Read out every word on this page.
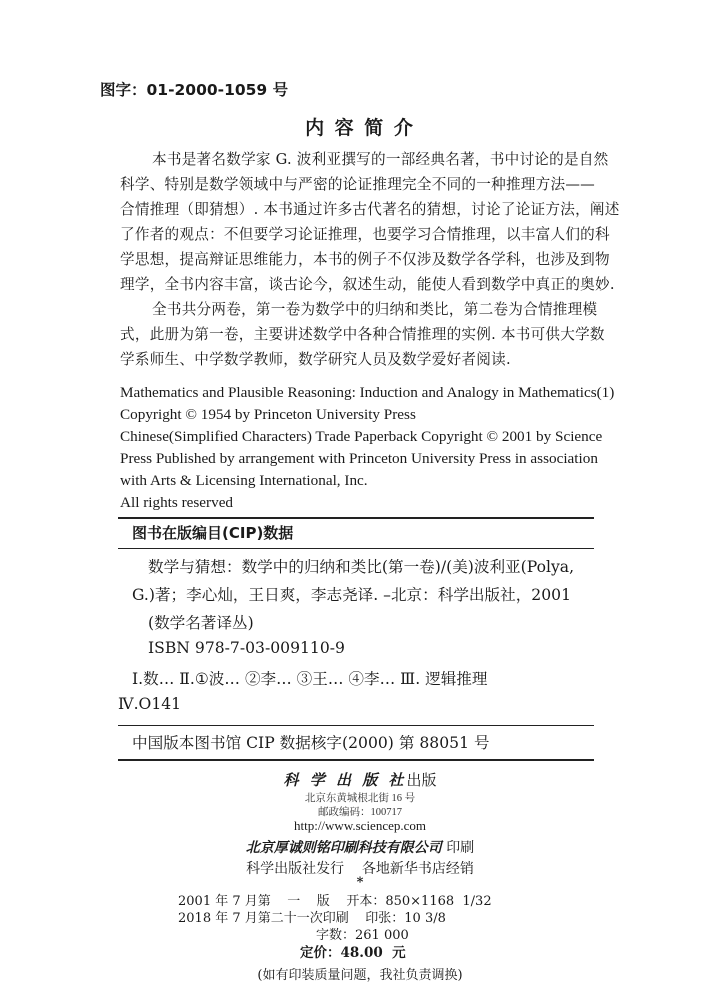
图字：01-2000-1059 号
内 容 简 介
本书是著名数学家 G. 波利亚撰写的一部经典名著，书中讨论的是自然
科学、特别是数学领域中与严密的论证推理完全不同的一种推理方法——
合情推理（即猜想）. 本书通过许多古代著名的猜想，讨论了论证方法，阐述
了作者的观点：不但要学习论证推理，也要学习合情推理，以丰富人们的科
学思想，提高辩证思维能力，本书的例子不仅涉及数学各学科，也涉及到物
理学，全书内容丰富，谈古论今，叙述生动，能使人看到数学中真正的奥妙.
全书共分两卷，第一卷为数学中的归纳和类比，第二卷为合情推理模
式，此册为第一卷，主要讲述数学中各种合情推理的实例. 本书可供大学数
学系师生、中学数学教师，数学研究人员及数学爱好者阅读.
Mathematics and Plausible Reasoning: Induction and Analogy in Mathematics(1)
Copyright © 1954 by Princeton University Press
Chinese(Simplified Characters) Trade Paperback Copyright © 2001 by Science
Press Published by arrangement with Princeton University Press in association
with Arts & Licensing International, Inc.
All rights reserved
图书在版编目(CIP)数据
数学与猜想：数学中的归纳和类比(第一卷)/(美)波利亚(Polya,
G.)著；李心灿，王日爽，李志尧译. –北京：科学出版社，2001
(数学名著译丛)
ISBN 978-7-03-009110-9
Ⅰ.数… Ⅱ.①波… ②李… ③王… ④李… Ⅲ. 逻辑推理
Ⅳ.O141
中国版本图书馆 CIP 数据核字(2000) 第 88051 号
科 学 出 版 社出版
北京东黄城根北街 16 号
邮政编码：100717
http://www.sciencep.com
北京厚诚则铭印刷科技有限公司 印刷
科学出版社发行    各地新华书店经销
*
2001 年 7 月第    一    版    开本：850×1168  1/32
2018 年 7 月第二十一次印刷    印张：10 3/8
字数：261 000
定价：48.00  元
(如有印装质量问题，我社负责调换)
